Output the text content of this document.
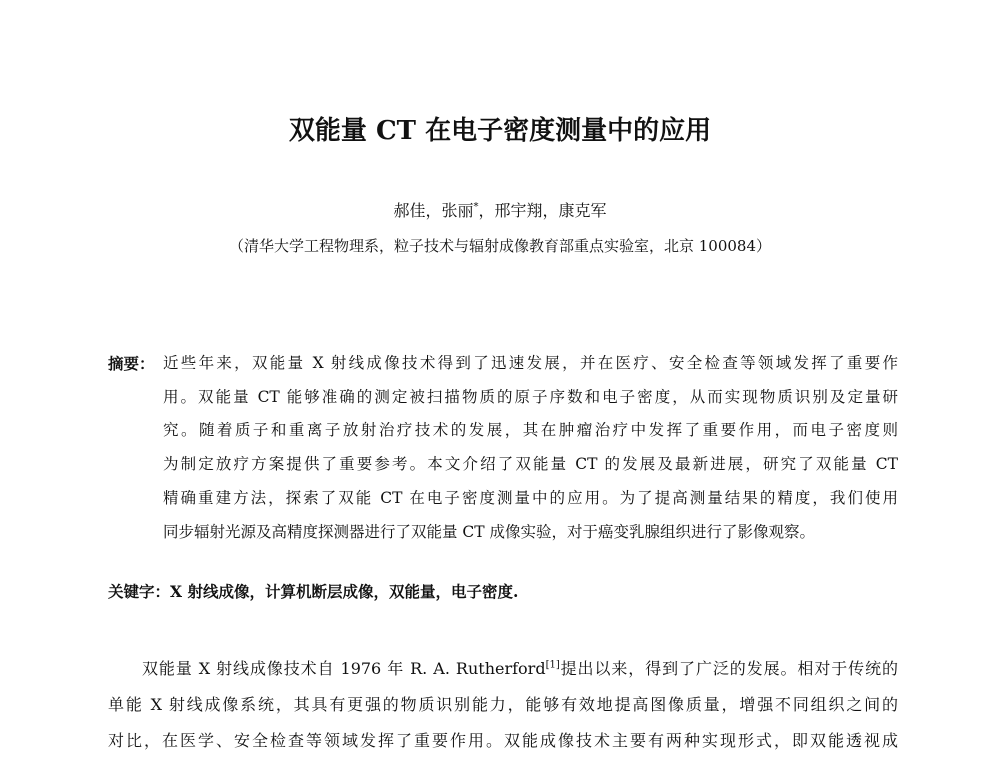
双能量 CT 在电子密度测量中的应用
郝佳，张丽*，邢宇翔，康克军
（清华大学工程物理系，粒子技术与辐射成像教育部重点实验室，北京 100084）
摘要： 近些年来，双能量 X 射线成像技术得到了迅速发展，并在医疗、安全检查等领域发挥了重要作
用。双能量 CT 能够准确的测定被扫描物质的原子序数和电子密度，从而实现物质识别及定量研
究。随着质子和重离子放射治疗技术的发展，其在肿瘤治疗中发挥了重要作用，而电子密度则
为制定放疗方案提供了重要参考。本文介绍了双能量 CT 的发展及最新进展，研究了双能量 CT
精确重建方法，探索了双能 CT 在电子密度测量中的应用。为了提高测量结果的精度，我们使用
同步辐射光源及高精度探测器进行了双能量 CT 成像实验，对于癌变乳腺组织进行了影像观察。
关键字：X 射线成像，计算机断层成像，双能量，电子密度.
双能量 X 射线成像技术自 1976 年 R. A. Rutherford[1]提出以来，得到了广泛的发展。相对于传统的
单能 X 射线成像系统，其具有更强的物质识别能力，能够有效地提高图像质量，增强不同组织之间的
对比，在医学、安全检查等领域发挥了重要作用。双能成像技术主要有两种实现形式，即双能透视成
